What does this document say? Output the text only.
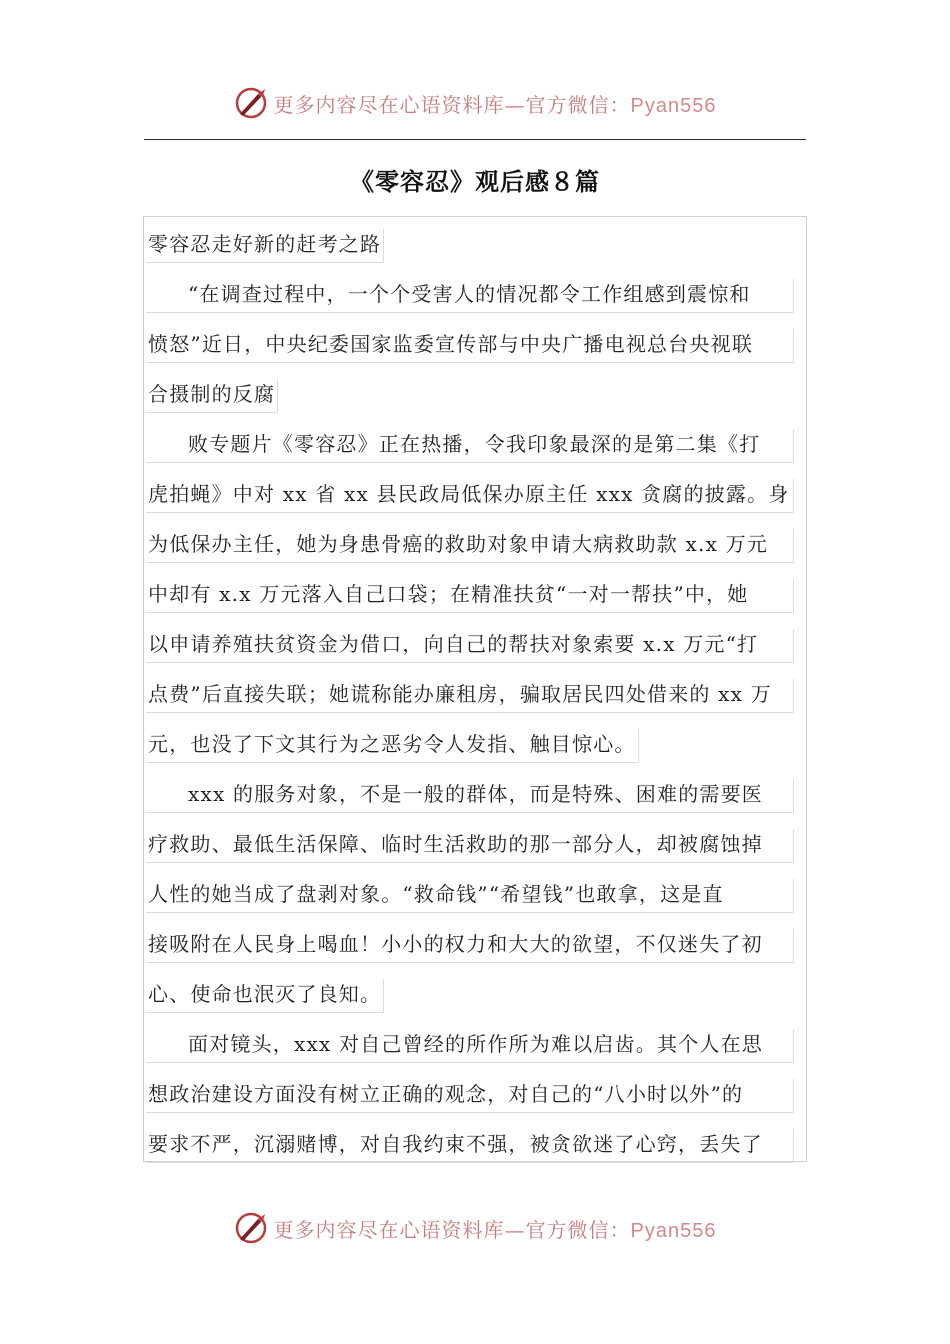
更多内容尽在心语资料库—官方微信：Pyan556
《零容忍》观后感８篇
零容忍走好新的赶考之路
“在调查过程中，一个个受害人的情况都令工作组感到震惊和
愤怒”近日，中央纪委国家监委宣传部与中央广播电视总台央视联
合摄制的反腐
败专题片《零容忍》正在热播，令我印象最深的是第二集《打
虎拍蝇》中对 xx 省 xx 县民政局低保办原主任 xxx 贪腐的披露。身
为低保办主任，她为身患骨癌的救助对象申请大病救助款 x.x 万元
中却有 x.x 万元落入自己口袋；在精准扶贫“一对一帮扶”中，她
以申请养殖扶贫资金为借口，向自己的帮扶对象索要 x.x 万元“打
点费”后直接失联；她谎称能办廉租房，骗取居民四处借来的 xx 万
元，也没了下文其行为之恶劣令人发指、触目惊心。
xxx 的服务对象，不是一般的群体，而是特殊、困难的需要医
疗救助、最低生活保障、临时生活救助的那一部分人，却被腐蚀掉
人性的她当成了盘剥对象。“救命钱”“希望钱”也敢拿，这是直
接吸附在人民身上喝血！小小的权力和大大的欲望，不仅迷失了初
心、使命也泯灭了良知。
面对镜头，xxx 对自己曾经的所作所为难以启齿。其个人在思
想政治建设方面没有树立正确的观念，对自己的“八小时以外”的
要求不严，沉溺赌博，对自我约束不强，被贪欲迷了心窍，丢失了
更多内容尽在心语资料库—官方微信：Pyan556
